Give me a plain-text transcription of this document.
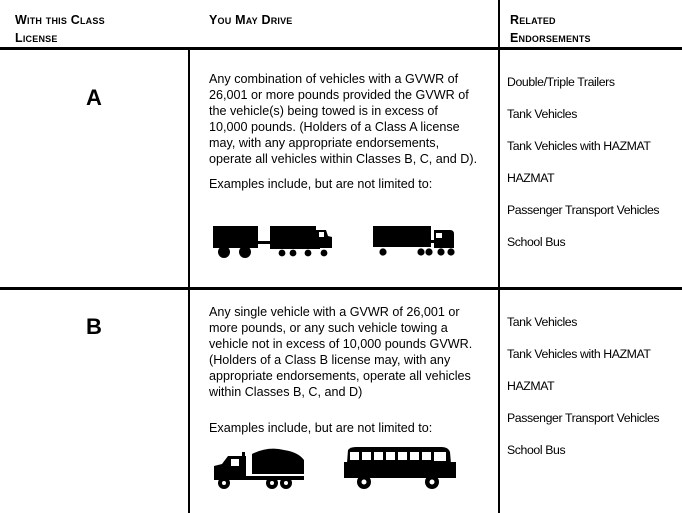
With this Class
License
You May Drive	Related
Endorsements
A
Any combination of vehicles with a GVWR of
26,001 or more pounds provided the GVWR of
the vehicle(s) being towed is in excess of
10,000 pounds. (Holders of a Class A license
may, with any appropriate endorsements,
operate all vehicles within Classes B, C, and D).
Examples include, but are not limited to:
Double/Triple Trailers
Tank Vehicles
Tank Vehicles with HAZMAT
HAZMAT
Passenger Transport Vehicles
School Bus
B
Any single vehicle with a GVWR of 26,001 or
more pounds, or any such vehicle towing a
vehicle not in excess of 10,000 pounds GVWR.
(Holders of a Class B license may, with any
appropriate endorsements, operate all vehicles
within Classes B, C, and D)
Examples include, but are not limited to:
Tank Vehicles
Tank Vehicles with HAZMAT
HAZMAT
Passenger Transport Vehicles
School Bus
